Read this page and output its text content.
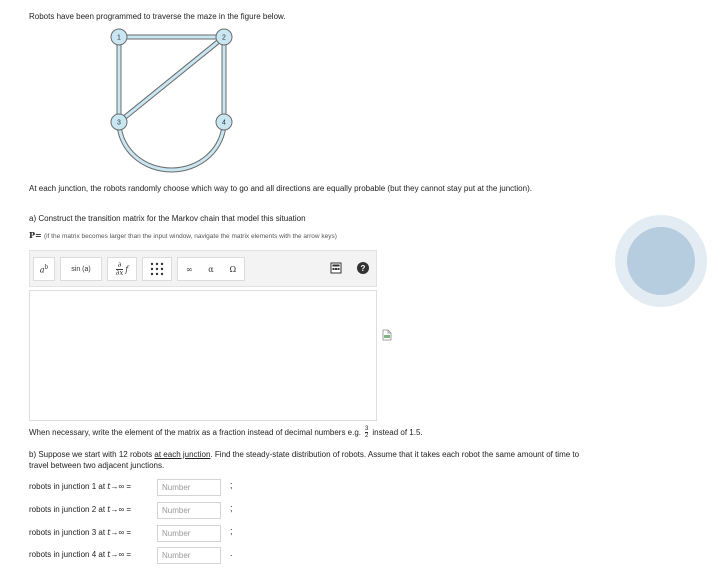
Robots have been programmed to traverse the maze in the figure below.
1	2
3	4
At each junction, the robots randomly choose which way to go and all directions are equally probable (but they cannot stay put at the junction).
a) Construct the transition matrix for the Markov chain that model this situation
P= (if the matrix becomes larger than the input window, navigate the matrix elements with the arrow keys)
$a^b$	sin (a)	$\frac{\partial}{\partial x}$ f	∞ α Ω	?
When necessary, write the element of the matrix as a fraction instead of decimal numbers e.g. $\frac{3}{2}$ instead of 1.5.
b) Suppose we start with 12 robots at each junction. Find the steady-state distribution of robots. Assume that it takes each robot the same amount of time to travel between two adjacent junctions.
robots in junction 1 at t→∞ =
Number	;
robots in junction 2 at t→∞ =
Number	;
robots in junction 3 at t→∞ =
Number	;
robots in junction 4 at t→∞ =
Number	.
